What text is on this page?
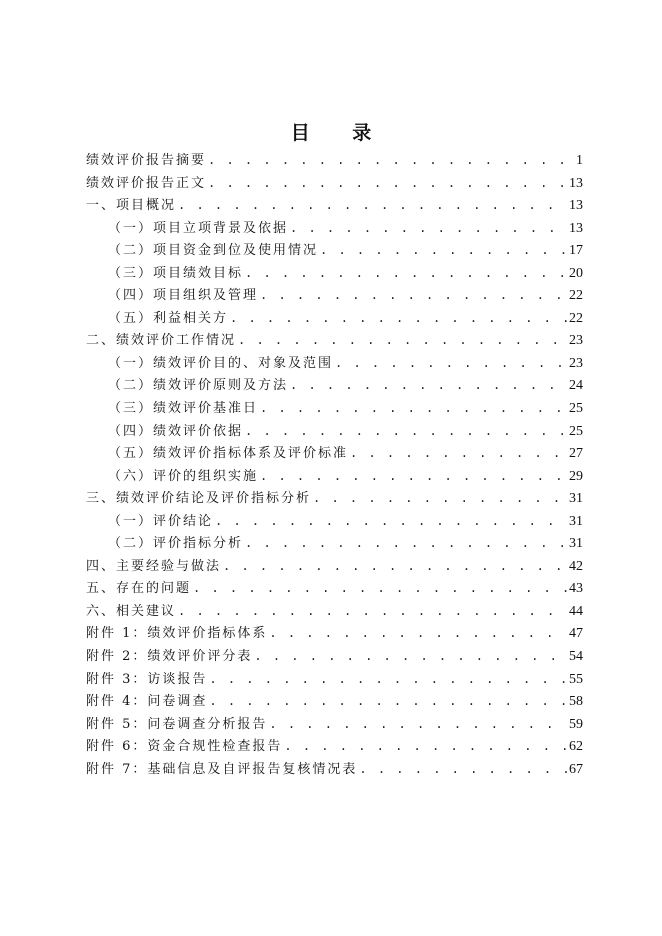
目 录
绩效评价报告摘要 . . .	1
绩效评价报告正文 . . .	13
一、项目概况 . . .	13
（一）项目立项背景及依据 . . .	13
（二）项目资金到位及使用情况 . . .	17
（三）项目绩效目标 . . .	20
（四）项目组织及管理 . . .	22
（五）利益相关方 . . .	22
二、绩效评价工作情况 . . .	23
（一）绩效评价目的、对象及范围 . . .	23
（二）绩效评价原则及方法 . . .	24
（三）绩效评价基准日 . . .	25
（四）绩效评价依据 . . .	25
（五）绩效评价指标体系及评价标准 . . .	27
（六）评价的组织实施 . . .	29
三、绩效评价结论及评价指标分析 . . .	31
（一）评价结论 . . .	31
（二）评价指标分析 . . .	31
四、主要经验与做法 . . .	42
五、存在的问题 . . .	43
六、相关建议 . . .	44
附件 1：绩效评价指标体系 . . .	47
附件 2：绩效评价评分表 . . .	54
附件 3：访谈报告 . . .	55
附件 4：问卷调查 . . .	58
附件 5：问卷调查分析报告 . . .	59
附件 6：资金合规性检查报告 . . .	62
附件 7：基础信息及自评报告复核情况表 . . .	67
